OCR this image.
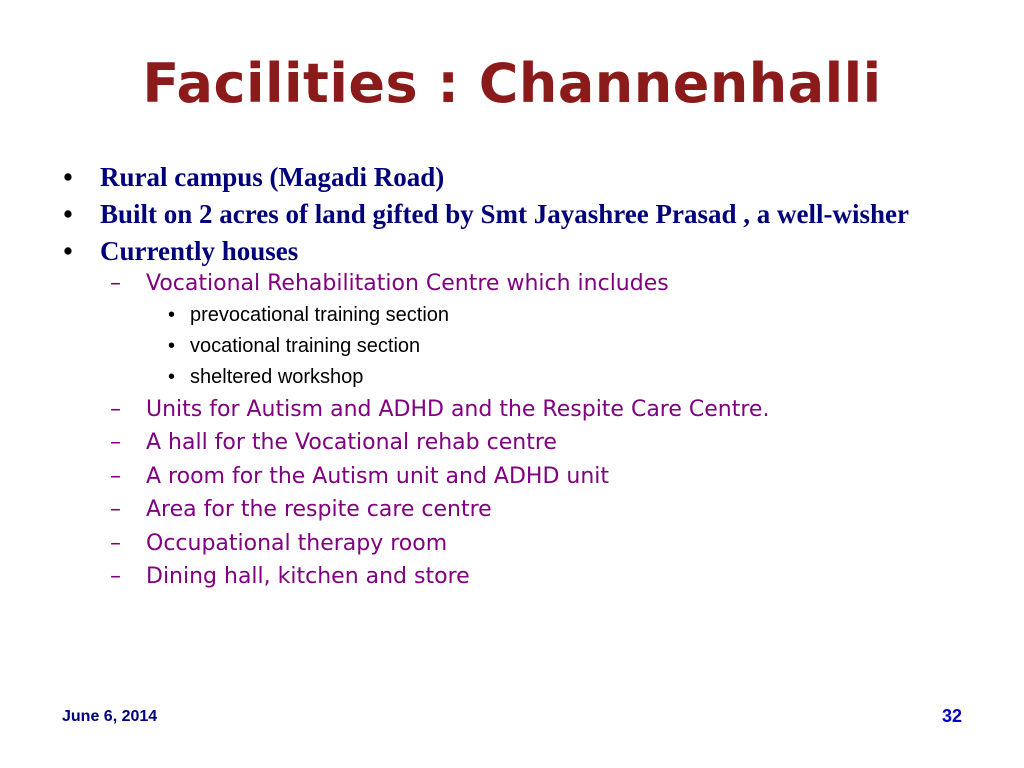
Facilities : Channenhalli
• Rural campus (Magadi Road)
• Built on 2 acres of land gifted by Smt Jayashree Prasad , a well-wisher
• Currently houses
– Vocational Rehabilitation Centre which includes
• prevocational training section
• vocational training section
• sheltered workshop
– Units for Autism and ADHD and the Respite Care Centre.
– A hall for the Vocational rehab centre
– A room for the Autism unit and ADHD unit
– Area for the respite care centre
– Occupational therapy room
– Dining hall, kitchen and store
June 6, 2014	32
